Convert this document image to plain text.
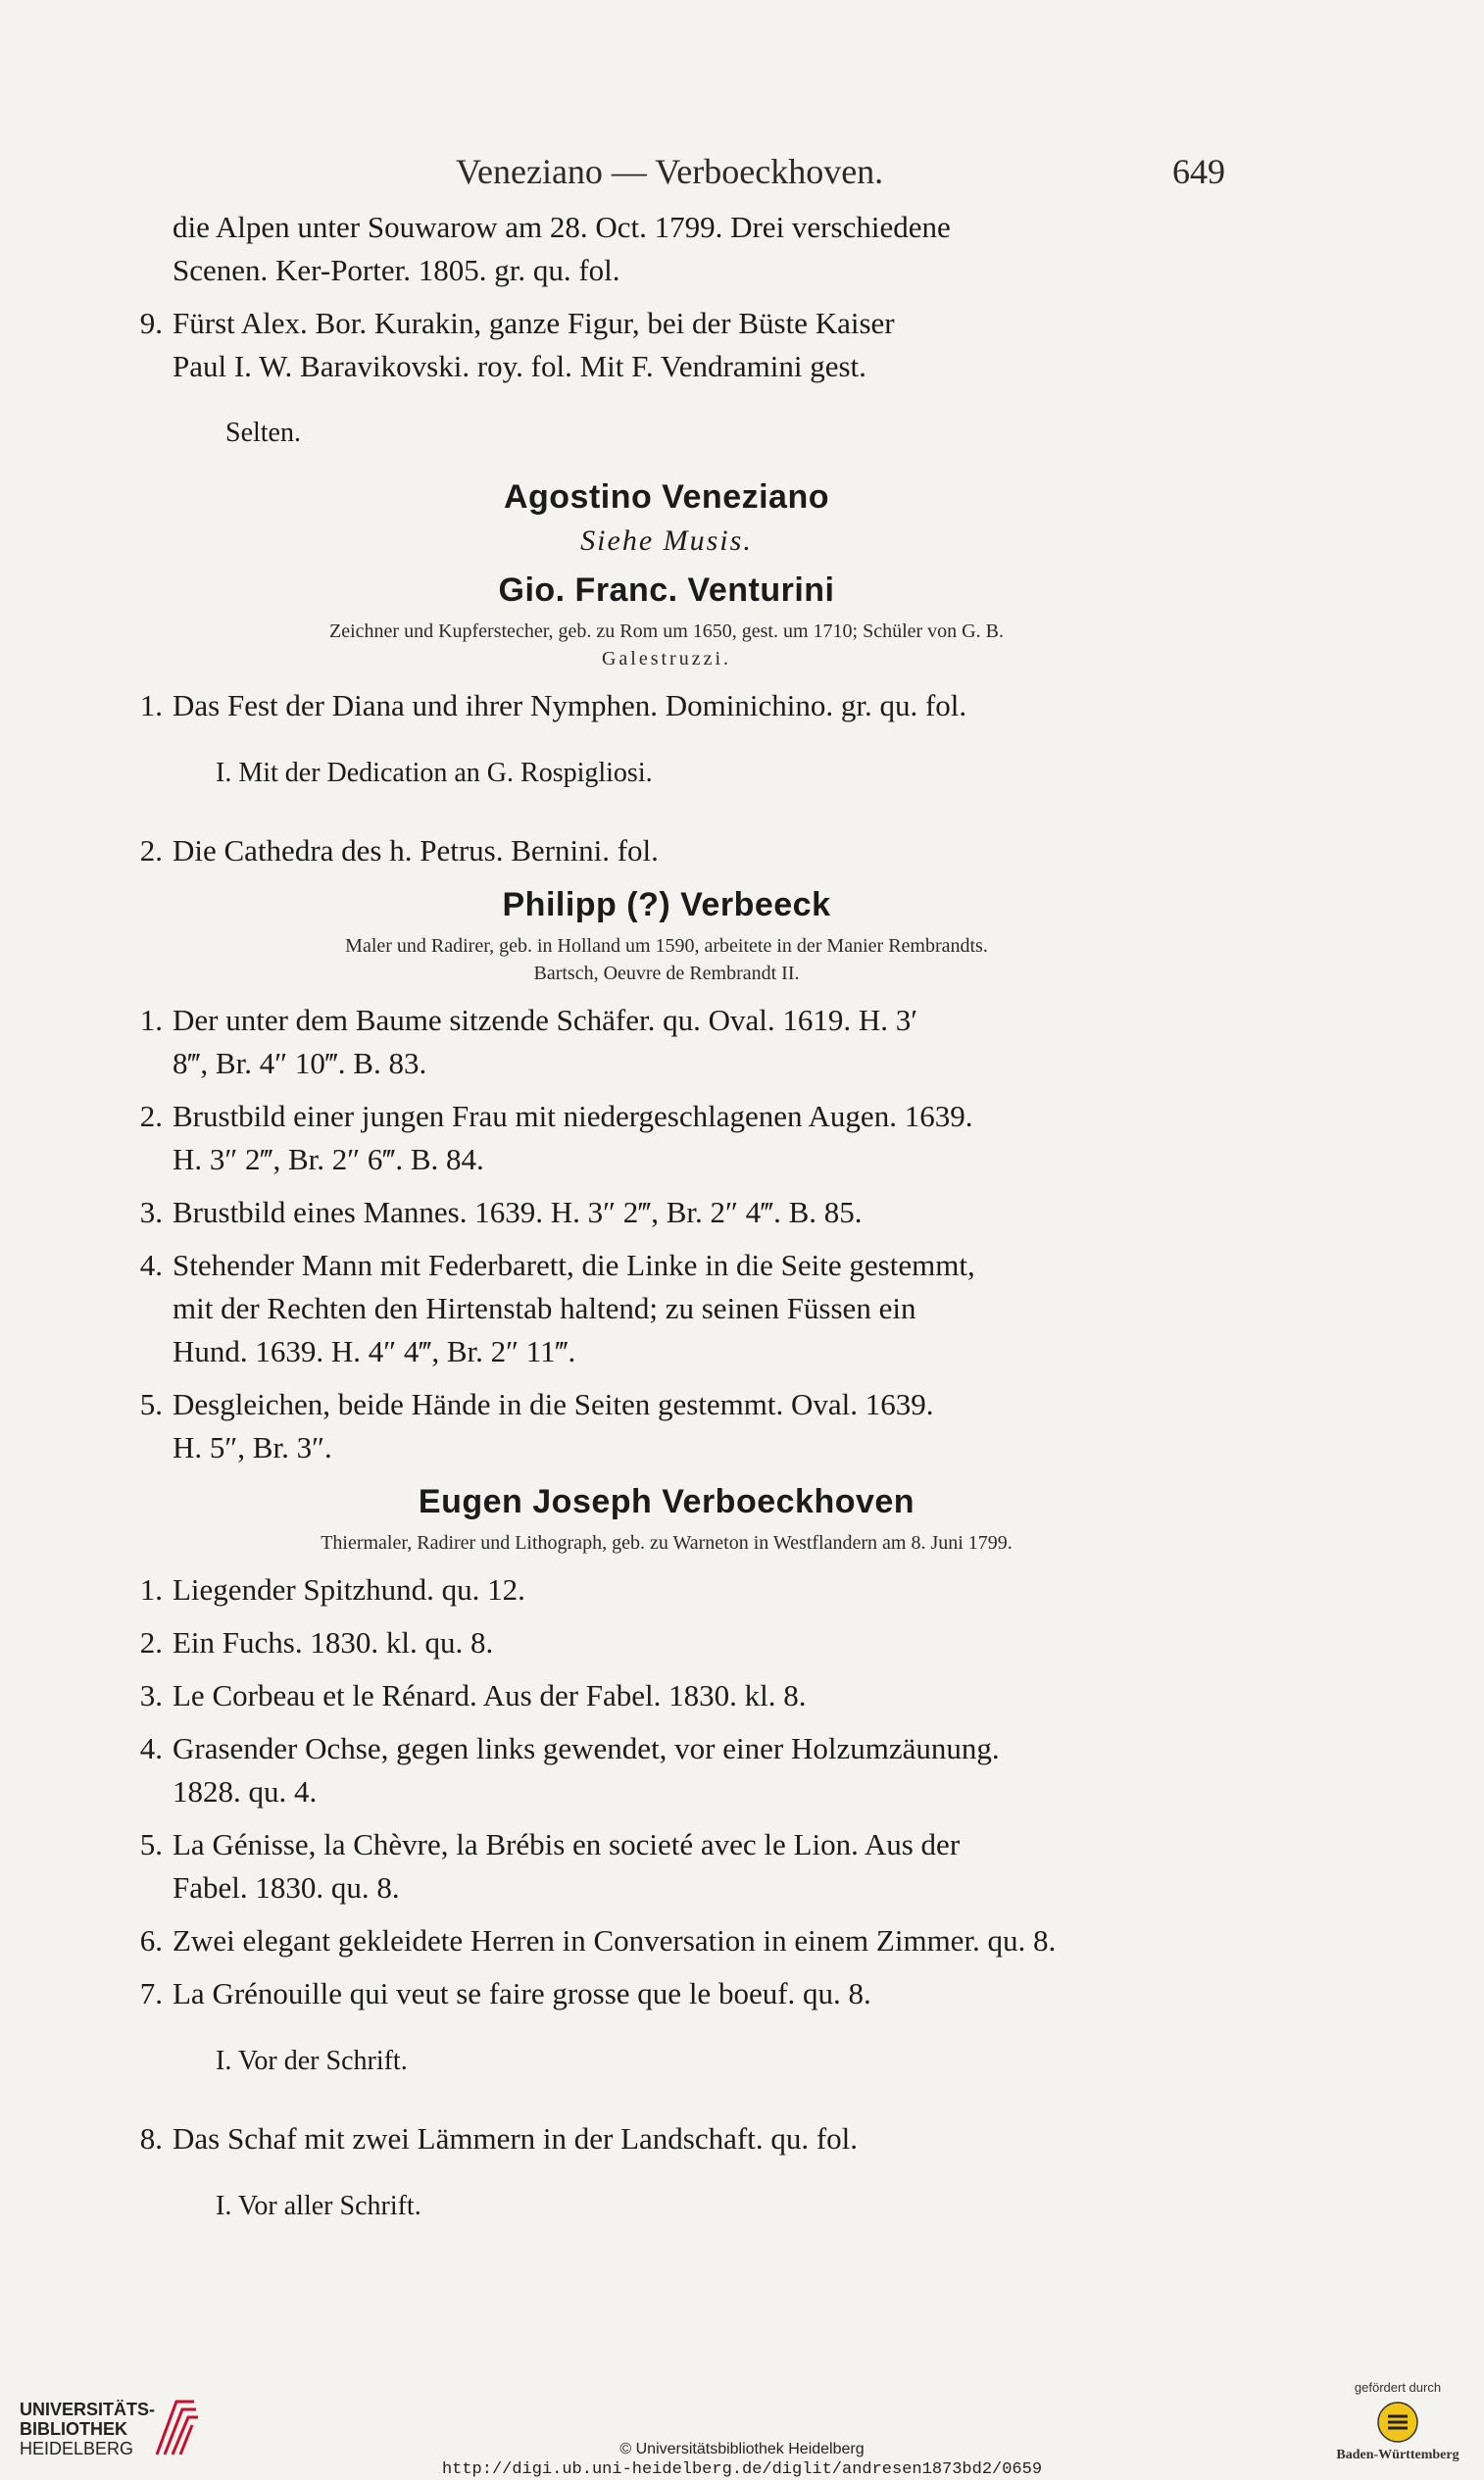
Veneziano — Verboeckhoven.	649

die Alpen unter Souwarow am 28. Oct. 1799. Drei verschiedene

Scenen. Ker-Porter. 1805. gr. qu. fol.

9. Fürst Alex. Bor. Kurakin, ganze Figur, bei der Büste Kaiser

Paul I. W. Baravikovski. roy. fol. Mit F. Vendramini gest.

Selten.

Agostino Veneziano
Siehe Musis.
Gio. Franc. Venturini
Zeichner und Kupferstecher, geb. zu Rom um 1650, gest. um 1710; Schüler von G. B.
Galestruzzi.

1. Das Fest der Diana und ihrer Nymphen. Dominichino. gr. qu. fol.

I. Mit der Dedication an G. Rospigliosi.

2. Die Cathedra des h. Petrus. Bernini. fol.

Philipp (?) Verbeeck
Maler und Radirer, geb. in Holland um 1590, arbeitete in der Manier Rembrandts.
Bartsch, Oeuvre de Rembrandt II.

1. Der unter dem Baume sitzende Schäfer. qu. Oval. 1619. H. 3′

8‴, Br. 4″ 10‴. B. 83.

2. Brustbild einer jungen Frau mit niedergeschlagenen Augen. 1639.

H. 3″ 2‴, Br. 2″ 6‴. B. 84.

3. Brustbild eines Mannes. 1639. H. 3″ 2‴, Br. 2″ 4‴. B. 85.

4. Stehender Mann mit Federbarett, die Linke in die Seite gestemmt,

mit der Rechten den Hirtenstab haltend; zu seinen Füssen ein

Hund. 1639. H. 4″ 4‴, Br. 2″ 11‴.

5. Desgleichen, beide Hände in die Seiten gestemmt. Oval. 1639.

H. 5″, Br. 3″.

Eugen Joseph Verboeckhoven
Thiermaler, Radirer und Lithograph, geb. zu Warneton in Westflandern am 8. Juni 1799.

1. Liegender Spitzhund. qu. 12.

2. Ein Fuchs. 1830. kl. qu. 8.

3. Le Corbeau et le Rénard. Aus der Fabel. 1830. kl. 8.

4. Grasender Ochse, gegen links gewendet, vor einer Holzumzäunung.

1828. qu. 4.

5. La Génisse, la Chèvre, la Brébis en societé avec le Lion. Aus der

Fabel. 1830. qu. 8.

6. Zwei elegant gekleidete Herren in Conversation in einem Zimmer. qu. 8.

7. La Grénouille qui veut se faire grosse que le boeuf. qu. 8.

I. Vor der Schrift.

8. Das Schaf mit zwei Lämmern in der Landschaft. qu. fol.

I. Vor aller Schrift.

UNIVERSITÄTS-
BIBLIOTHEK
HEIDELBERG	© Universitätsbibliothek Heidelberg
http://digi.ub.uni-heidelberg.de/diglit/andresen1873bd2/0659
gefördert durch
Baden-Württemberg
